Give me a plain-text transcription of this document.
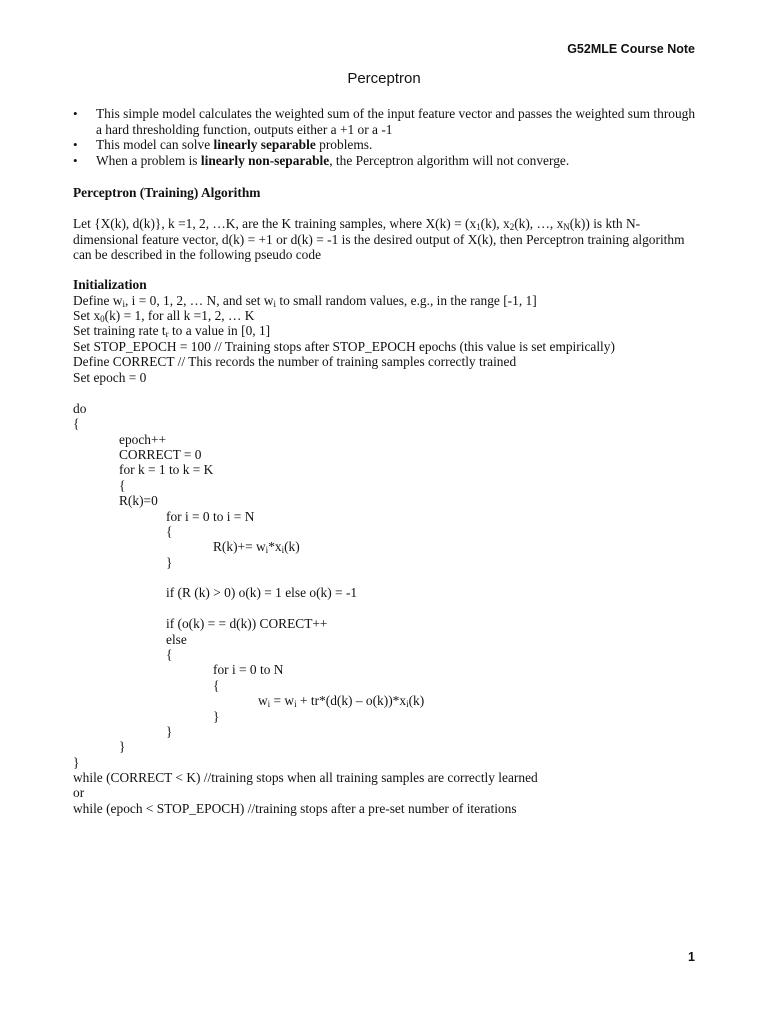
G52MLE Course Note
Perceptron
• This simple model calculates the weighted sum of the input feature vector and passes the weighted sum through a hard thresholding function, outputs either a +1 or a -1
• This model can solve linearly separable problems.
• When a problem is linearly non-separable, the Perceptron algorithm will not converge.
Perceptron (Training) Algorithm
Let {X(k), d(k)}, k =1, 2, …K, are the K training samples, where $X(k) = (x_1(k)$, $x_2(k)$, …, $x_N(k)$) is kth N-dimensional feature vector, d(k) = +1 or d(k) = -1 is the desired output of X(k), then Perceptron training algorithm can be described in the following pseudo code
Initialization
Define $w_i$, i = 0, 1, 2, … N, and set $w_i$ to small random values, e.g., in the range [-1, 1]
Set $x_0(k) = 1$, for all k =1, 2, … K
Set training rate $t_r$ to a value in [0, 1]
Set STOP_EPOCH = 100 // Training stops after STOP_EPOCH epochs (this value is set empirically)
Define CORRECT // This records the number of training samples correctly trained
Set epoch = 0
do
{
epoch++
CORRECT = 0
for k = 1 to k = K
{
R(k)=0
for i = 0 to i = N
{
$R(k)+= w_i*x_i(k)$
}
if (R (k) > 0) o(k) = 1 else o(k) = -1
if (o(k) = = d(k)) CORECT++
else
{
for i = 0 to N
{
$w_i = w_i + tr*(d(k) - o(k))*x_i(k)$
}
}
}
}
while (CORRECT < K) //training stops when all training samples are correctly learned
or
while (epoch < STOP_EPOCH) //training stops after a pre-set number of iterations
1
